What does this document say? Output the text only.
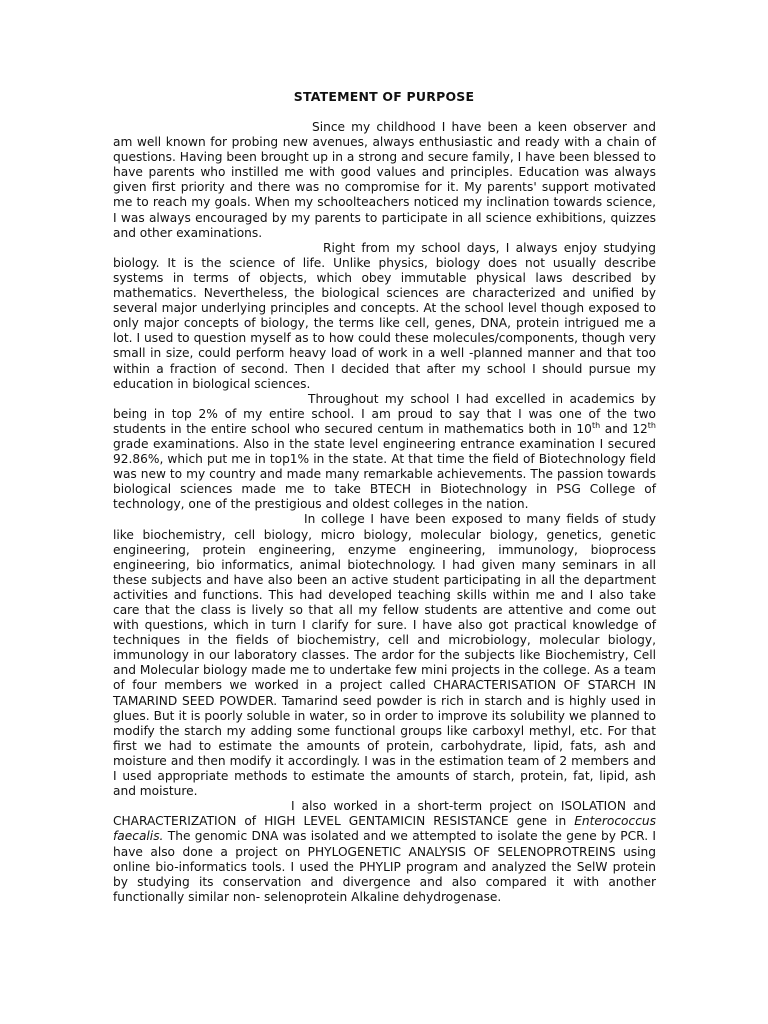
STATEMENT OF PURPOSE

Since my childhood I have been a keen observer and am well known for probing new avenues, always enthusiastic and ready with a chain of questions. Having been brought up in a strong and secure family, I have been blessed to have parents who instilled me with good values and principles. Education was always given first priority and there was no compromise for it. My parents' support motivated me to reach my goals. When my schoolteachers noticed my inclination towards science, I was always encouraged by my parents to participate in all science exhibitions, quizzes and other examinations.

Right from my school days, I always enjoy studying biology. It is the science of life. Unlike physics, biology does not usually describe systems in terms of objects, which obey immutable physical laws described by mathematics. Nevertheless, the biological sciences are characterized and unified by several major underlying principles and concepts. At the school level though exposed to only major concepts of biology, the terms like cell, genes, DNA, protein intrigued me a lot. I used to question myself as to how could these molecules/components, though very small in size, could perform heavy load of work in a well -planned manner and that too within a fraction of second. Then I decided that after my school I should pursue my education in biological sciences.

Throughout my school I had excelled in academics by being in top 2% of my entire school. I am proud to say that I was one of the two students in the entire school who secured centum in mathematics both in 10th and 12th grade examinations. Also in the state level engineering entrance examination I secured 92.86%, which put me in top1% in the state. At that time the field of Biotechnology field was new to my country and made many remarkable achievements. The passion towards biological sciences made me to take BTECH in Biotechnology in PSG College of technology, one of the prestigious and oldest colleges in the nation.

In college I have been exposed to many fields of study like biochemistry, cell biology, micro biology, molecular biology, genetics, genetic engineering, protein engineering, enzyme engineering, immunology, bioprocess engineering, bio informatics, animal biotechnology. I had given many seminars in all these subjects and have also been an active student participating in all the department activities and functions. This had developed teaching skills within me and I also take care that the class is lively so that all my fellow students are attentive and come out with questions, which in turn I clarify for sure. I have also got practical knowledge of techniques in the fields of biochemistry, cell and microbiology, molecular biology, immunology in our laboratory classes. The ardor for the subjects like Biochemistry, Cell and Molecular biology made me to undertake few mini projects in the college. As a team of four members we worked in a project called CHARACTERISATION OF STARCH IN TAMARIND SEED POWDER. Tamarind seed powder is rich in starch and is highly used in glues. But it is poorly soluble in water, so in order to improve its solubility we planned to modify the starch my adding some functional groups like carboxyl methyl, etc. For that first we had to estimate the amounts of protein, carbohydrate, lipid, fats, ash and moisture and then modify it accordingly. I was in the estimation team of 2 members and I used appropriate methods to estimate the amounts of starch, protein, fat, lipid, ash and moisture.

I also worked in a short-term project on ISOLATION and CHARACTERIZATION of HIGH LEVEL GENTAMICIN RESISTANCE gene in Enterococcus faecalis. The genomic DNA was isolated and we attempted to isolate the gene by PCR. I have also done a project on PHYLOGENETIC ANALYSIS OF SELENOPROTREINS using online bio-informatics tools. I used the PHYLIP program and analyzed the SelW protein by studying its conservation and divergence and also compared it with another functionally similar non- selenoprotein Alkaline dehydrogenase.
